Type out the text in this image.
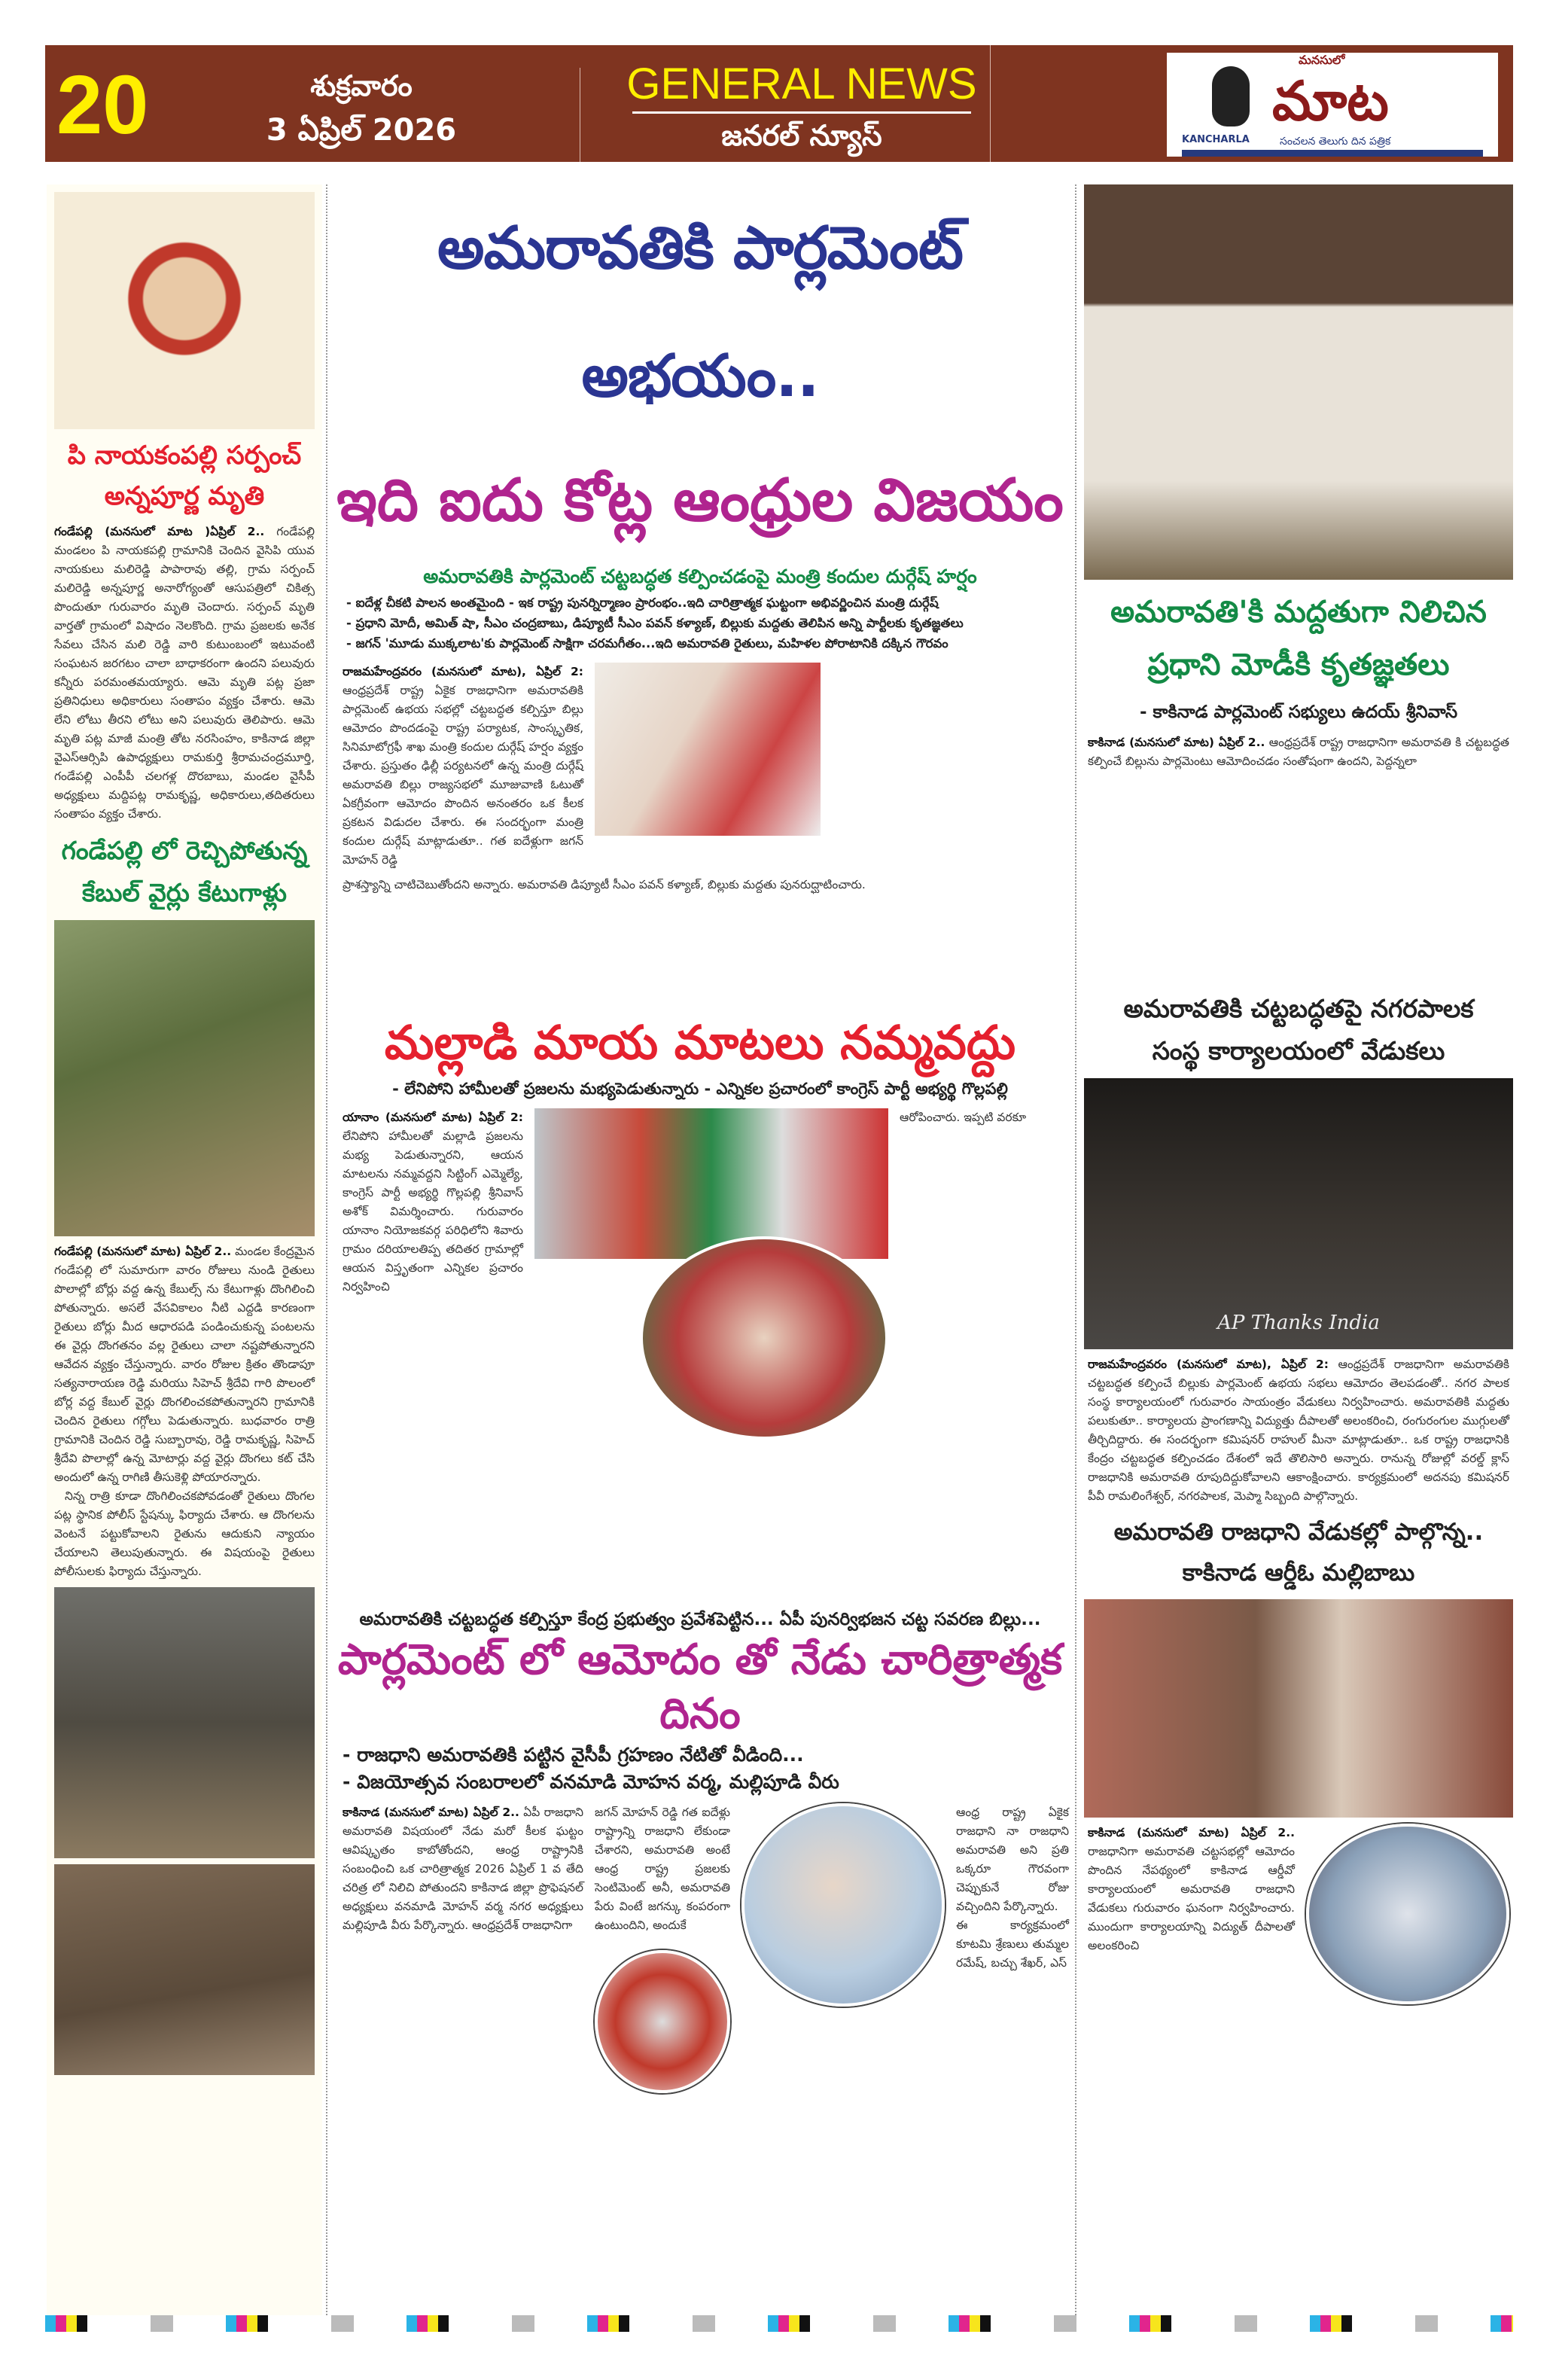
20	శుక్రవారం
3 ఏప్రిల్ 2026
GENERAL NEWS
జనరల్ న్యూస్	KANCHARLA
మనసులో
మాట
సంచలన తెలుగు దిన పత్రిక
పి నాయకంపల్లి సర్పంచ్
అన్నపూర్ణ మృతి
గండేపల్లి (మనసులో మాట )ఏప్రిల్ 2.. గండేపల్లి మండలం పి నాయకపల్లి గ్రామానికి చెందిన వైసిపి యువ నాయకులు మలిరెడ్డి పాపారావు తల్లి, గ్రామ సర్పంచ్ మలిరెడ్డి అన్నపూర్ణ అనారోగ్యంతో ఆసుపత్రిలో చికిత్స పొందుతూ గురువారం మృతి చెందారు. సర్పంచ్ మృతి వార్తతో గ్రామంలో విషాదం నెలకొంది. గ్రామ ప్రజలకు అనేక సేవలు చేసిన మలి రెడ్డి వారి కుటుంబంలో ఇటువంటి సంఘటన జరగటం చాలా బాధాకరంగా ఉందని పలువురు కన్నీరు పరమంతమయ్యారు. ఆమె మృతి పట్ల ప్రజా ప్రతినిధులు అధికారులు సంతాపం వ్యక్తం చేశారు. ఆమె లేని లోటు తీరని లోటు అని పలువురు తెలిపారు. ఆమె మృతి పట్ల మాజీ మంత్రి తోట నరసింహం, కాకినాడ జిల్లా వైఎస్ఆర్సిపి ఉపాధ్యక్షులు రామకుర్తి శ్రీరామచంద్రమూర్తి, గండేపల్లి ఎంపీపీ చలగళ్ల దొరబాబు, మండల వైసీపీ అధ్యక్షులు మద్దిపట్ల రామకృష్ణ, అధికారులు,తదితరులు సంతాపం వ్యక్తం చేశారు.
గండేపల్లి లో రెచ్చిపోతున్న
కేబుల్ వైర్లు కేటుగాళ్లు
గండేపల్లి (మనసులో మాట) ఏప్రిల్ 2.. మండల కేంద్రమైన గండేపల్లి లో సుమారుగా వారం రోజులు నుండి రైతులు పొలాల్లో బోర్లు వద్ద ఉన్న కేబుల్స్ ను కేటుగాళ్లు దొంగిలించి పోతున్నారు. అసలే వేసవికాలం నీటి ఎద్దడి కారణంగా రైతులు బోర్లు మీద ఆధారపడి పండించుకున్న పంటలను ఈ వైర్లు దొంగతనం వల్ల రైతులు చాలా నష్టపోతున్నారని ఆవేదన వ్యక్తం చేస్తున్నారు. వారం రోజుల క్రితం తొండాపూ సత్యనారాయణ రెడ్డి మరియు సిహెచ్ శ్రీదేవి గారి పొలంలో బోర్ల వద్ద కేబుల్ వైర్లు దొంగలించకపోతున్నారని గ్రామానికి చెందిన రైతులు గగ్గోలు పెడుతున్నారు. బుధవారం రాత్రి గ్రామానికి చెందిన రెడ్డి సుబ్బారావు, రెడ్డి రామకృష్ణ, సిహెచ్ శ్రీదేవి పొలాల్లో ఉన్న మోటార్లు వద్ద వైర్లు దొంగలు కట్ చేసి అందులో ఉన్న రాగిణి తీసుకెళ్లి పోయారన్నారు.
నిన్న రాత్రి కూడా దొంగిలించకపోవడంతో రైతులు దొంగల పట్ల స్థానిక పోలీస్ స్టేషన్కు ఫిర్యాదు చేశారు. ఆ దొంగలను వెంటనే పట్టుకోవాలని రైతును ఆదుకుని న్యాయం చేయాలని తెలుపుతున్నారు. ఈ విషయంపై రైతులు పోలీసులకు ఫిర్యాదు చేస్తున్నారు.
అమరావతికి పార్లమెంట్ అభయం..
ఇది ఐదు కోట్ల ఆంధ్రుల విజయం
అమరావతికి పార్లమెంట్ చట్టబద్ధత కల్పించడంపై మంత్రి కందుల దుర్గేష్ హర్షం
- ఐదేళ్ల చీకటి పాలన అంతమైంది - ఇక రాష్ట్ర పునర్నిర్మాణం ప్రారంభం..ఇది చారిత్రాత్మక ఘట్టంగా అభివర్ణించిన మంత్రి దుర్గేష్
- ప్రధాని మోదీ, అమిత్ షా, సీఎం చంద్రబాబు, డిప్యూటీ సీఎం పవన్ కళ్యాణ్, బిల్లుకు మద్దతు తెలిపిన అన్ని పార్టీలకు కృతజ్ఞతలు
- జగన్ 'మూడు ముక్కలాట'కు పార్లమెంట్ సాక్షిగా చరమగీతం...ఇది అమరావతి రైతులు, మహిళల పోరాటానికి దక్కిన గౌరవం
రాజమహేంద్రవరం (మనసులో మాట), ఏప్రిల్ 2: ఆంధ్రప్రదేశ్ రాష్ట్ర ఏకైక రాజధానిగా అమరావతికి పార్లమెంట్ ఉభయ సభల్లో చట్టబద్ధత కల్పిస్తూ బిల్లు ఆమోదం పొందడంపై రాష్ట్ర పర్యాటక, సాంస్కృతిక, సినిమాటోగ్రఫీ శాఖ మంత్రి కందుల దుర్గేష్ హర్షం వ్యక్తం చేశారు. ప్రస్తుతం ఢిల్లీ పర్యటనలో ఉన్న మంత్రి దుర్గేష్ అమరావతి బిల్లు రాజ్యసభలో మూజువాణి ఓటుతో ఏకగ్రీవంగా ఆమోదం పొందిన అనంతరం ఒక కీలక ప్రకటన విడుదల చేశారు. ఈ సందర్భంగా మంత్రి కందుల దుర్గేష్ మాట్లాడుతూ.. గత ఐదేళ్లుగా జగన్ మోహన్ రెడ్డి
ప్రాశస్త్యాన్ని చాటిచెబుతోందని అన్నారు. అమరావతి డిప్యూటీ సీఎం పవన్ కళ్యాణ్, బిల్లుకు మద్దతు పునరుద్ఘాటించారు.
మల్లాడి మాయ మాటలు నమ్మవద్దు
- లేనిపోని హామీలతో ప్రజలను మభ్యపెడుతున్నారు - ఎన్నికల ప్రచారంలో కాంగ్రెస్ పార్టీ అభ్యర్థి గొల్లపల్లి
యానాం (మనసులో మాట) ఏప్రిల్ 2: లేనిపోని హామీలతో మల్లాడి ప్రజలను మభ్య పెడుతున్నారని, ఆయన మాటలను నమ్మవద్దని సిట్టింగ్ ఎమ్మెల్యే, కాంగ్రెస్ పార్టీ అభ్యర్థి గొల్లపల్లి శ్రీనివాస్ అశోక్ విమర్శించారు. గురువారం యానాం నియోజకవర్గ పరిధిలోని శివారు గ్రామం దరియాలతిప్ప తదితర గ్రామాల్లో ఆయన విస్తృతంగా ఎన్నికల ప్రచారం నిర్వహించి
ఆరోపించారు. ఇప్పటి వరకూ
అమరావతికి చట్టబద్ధత కల్పిస్తూ కేంద్ర ప్రభుత్వం ప్రవేశపెట్టిన... ఏపీ పునర్విభజన చట్ట సవరణ బిల్లు...
పార్లమెంట్ లో ఆమోదం తో నేడు చారిత్రాత్మక దినం
- రాజధాని అమరావతికి పట్టిన వైసీపీ గ్రహణం నేటితో వీడింది...
- విజయోత్సవ సంబరాలలో వనమాడి మోహన వర్మ, మల్లిపూడి వీరు
కాకినాడ (మనసులో మాట) ఏప్రిల్ 2.. ఏపీ రాజధాని అమరావతి విషయంలో నేడు మరో కీలక ఘట్టం ఆవిష్కృతం కాబోతోందని, ఆంధ్ర రాష్ట్రానికి సంబంధించి ఒక చారిత్రాత్మక 2026 ఏప్రిల్ 1 వ తేది చరిత్ర లో నిలిచి పోతుందని కాకినాడ జిల్లా ప్రొఫెషనల్ అధ్యక్షులు వనమాడి మోహన్ వర్మ నగర అధ్యక్షులు మల్లిపూడి వీరు పేర్కొన్నారు. ఆంధ్రప్రదేశ్ రాజధానిగా
జగన్ మోహన్ రెడ్డి గత ఐదేళ్లు రాష్ట్రాన్ని రాజధాని లేకుండా చేశారని, అమరావతి అంటే ఆంధ్ర రాష్ట్ర ప్రజలకు సెంటిమెంట్ అనీ, అమరావతి పేరు వింటే జగన్కు కంపరంగా ఉంటుందిని, అందుకే
ఆంధ్ర రాష్ట్ర ఏకైక రాజధాని నా రాజధాని అమరావతి అని ప్రతి ఒక్కరూ గౌరవంగా చెప్పుకునే రోజు వచ్చిందిని పేర్కొన్నారు.
ఈ కార్యక్రమంలో కూటమి శ్రేణులు తుమ్మల రమేష్, బచ్చు శేఖర్, ఎస్
అమరావతి'కి మద్దతుగా నిలిచిన
ప్రధాని మోడీకి కృతజ్ఞతలు
- కాకినాడ పార్లమెంట్ సభ్యులు ఉదయ్ శ్రీనివాస్
కాకినాడ (మనసులో మాట) ఏప్రిల్ 2.. ఆంధ్రప్రదేశ్ రాష్ట్ర రాజధానిగా అమరావతి కి చట్టబద్ధత కల్పించే బిల్లును పార్లమెంటు ఆమోదించడం సంతోషంగా ఉందని, పెద్దన్నలా
అమరావతికి చట్టబద్ధతపై నగరపాలక
సంస్థ కార్యాలయంలో వేడుకలు
AP Thanks India
రాజమహేంద్రవరం (మనసులో మాట), ఏప్రిల్ 2: ఆంధ్రప్రదేశ్ రాజధానిగా అమరావతికి చట్టబద్ధత కల్పించే బిల్లుకు పార్లమెంట్ ఉభయ సభలు ఆమోదం తెలపడంతో.. నగర పాలక సంస్థ కార్యాలయంలో గురువారం సాయంత్రం వేడుకలు నిర్వహించారు. అమరావతికి మద్దతు పలుకుతూ.. కార్యాలయ ప్రాంగణాన్ని విద్యుత్తు దీపాలతో అలంకరించి, రంగురంగుల ముగ్గులతో తీర్చిదిద్దారు. ఈ సందర్భంగా కమిషనర్ రాహుల్ మీనా మాట్లాడుతూ.. ఒక రాష్ట్ర రాజధానికి కేంద్రం చట్టబద్ధత కల్పించడం దేశంలో ఇదే తొలిసారి అన్నారు. రానున్న రోజుల్లో వరల్డ్ క్లాస్ రాజధానికి అమరావతి రూపుదిద్దుకోవాలని ఆకాంక్షించారు. కార్యక్రమంలో అదనపు కమిషనర్ పీవీ రామలింగేశ్వర్, నగరపాలక, మెప్మా సిబ్బంది పాల్గొన్నారు.
అమరావతి రాజధాని వేడుకల్లో పాల్గొన్న..
కాకినాడ ఆర్డీఓ మల్లిబాబు
కాకినాడ (మనసులో మాట) ఏప్రిల్ 2.. రాజధానిగా అమరావతి చట్టసభల్లో ఆమోదం పొందిన నేపథ్యంలో కాకినాడ ఆర్డీవో కార్యాలయంలో అమరావతి రాజధాని వేడుకలు గురువారం ఘనంగా నిర్వహించారు. ముందుగా కార్యాలయాన్ని విద్యుత్ దీపాలతో అలంకరించి
